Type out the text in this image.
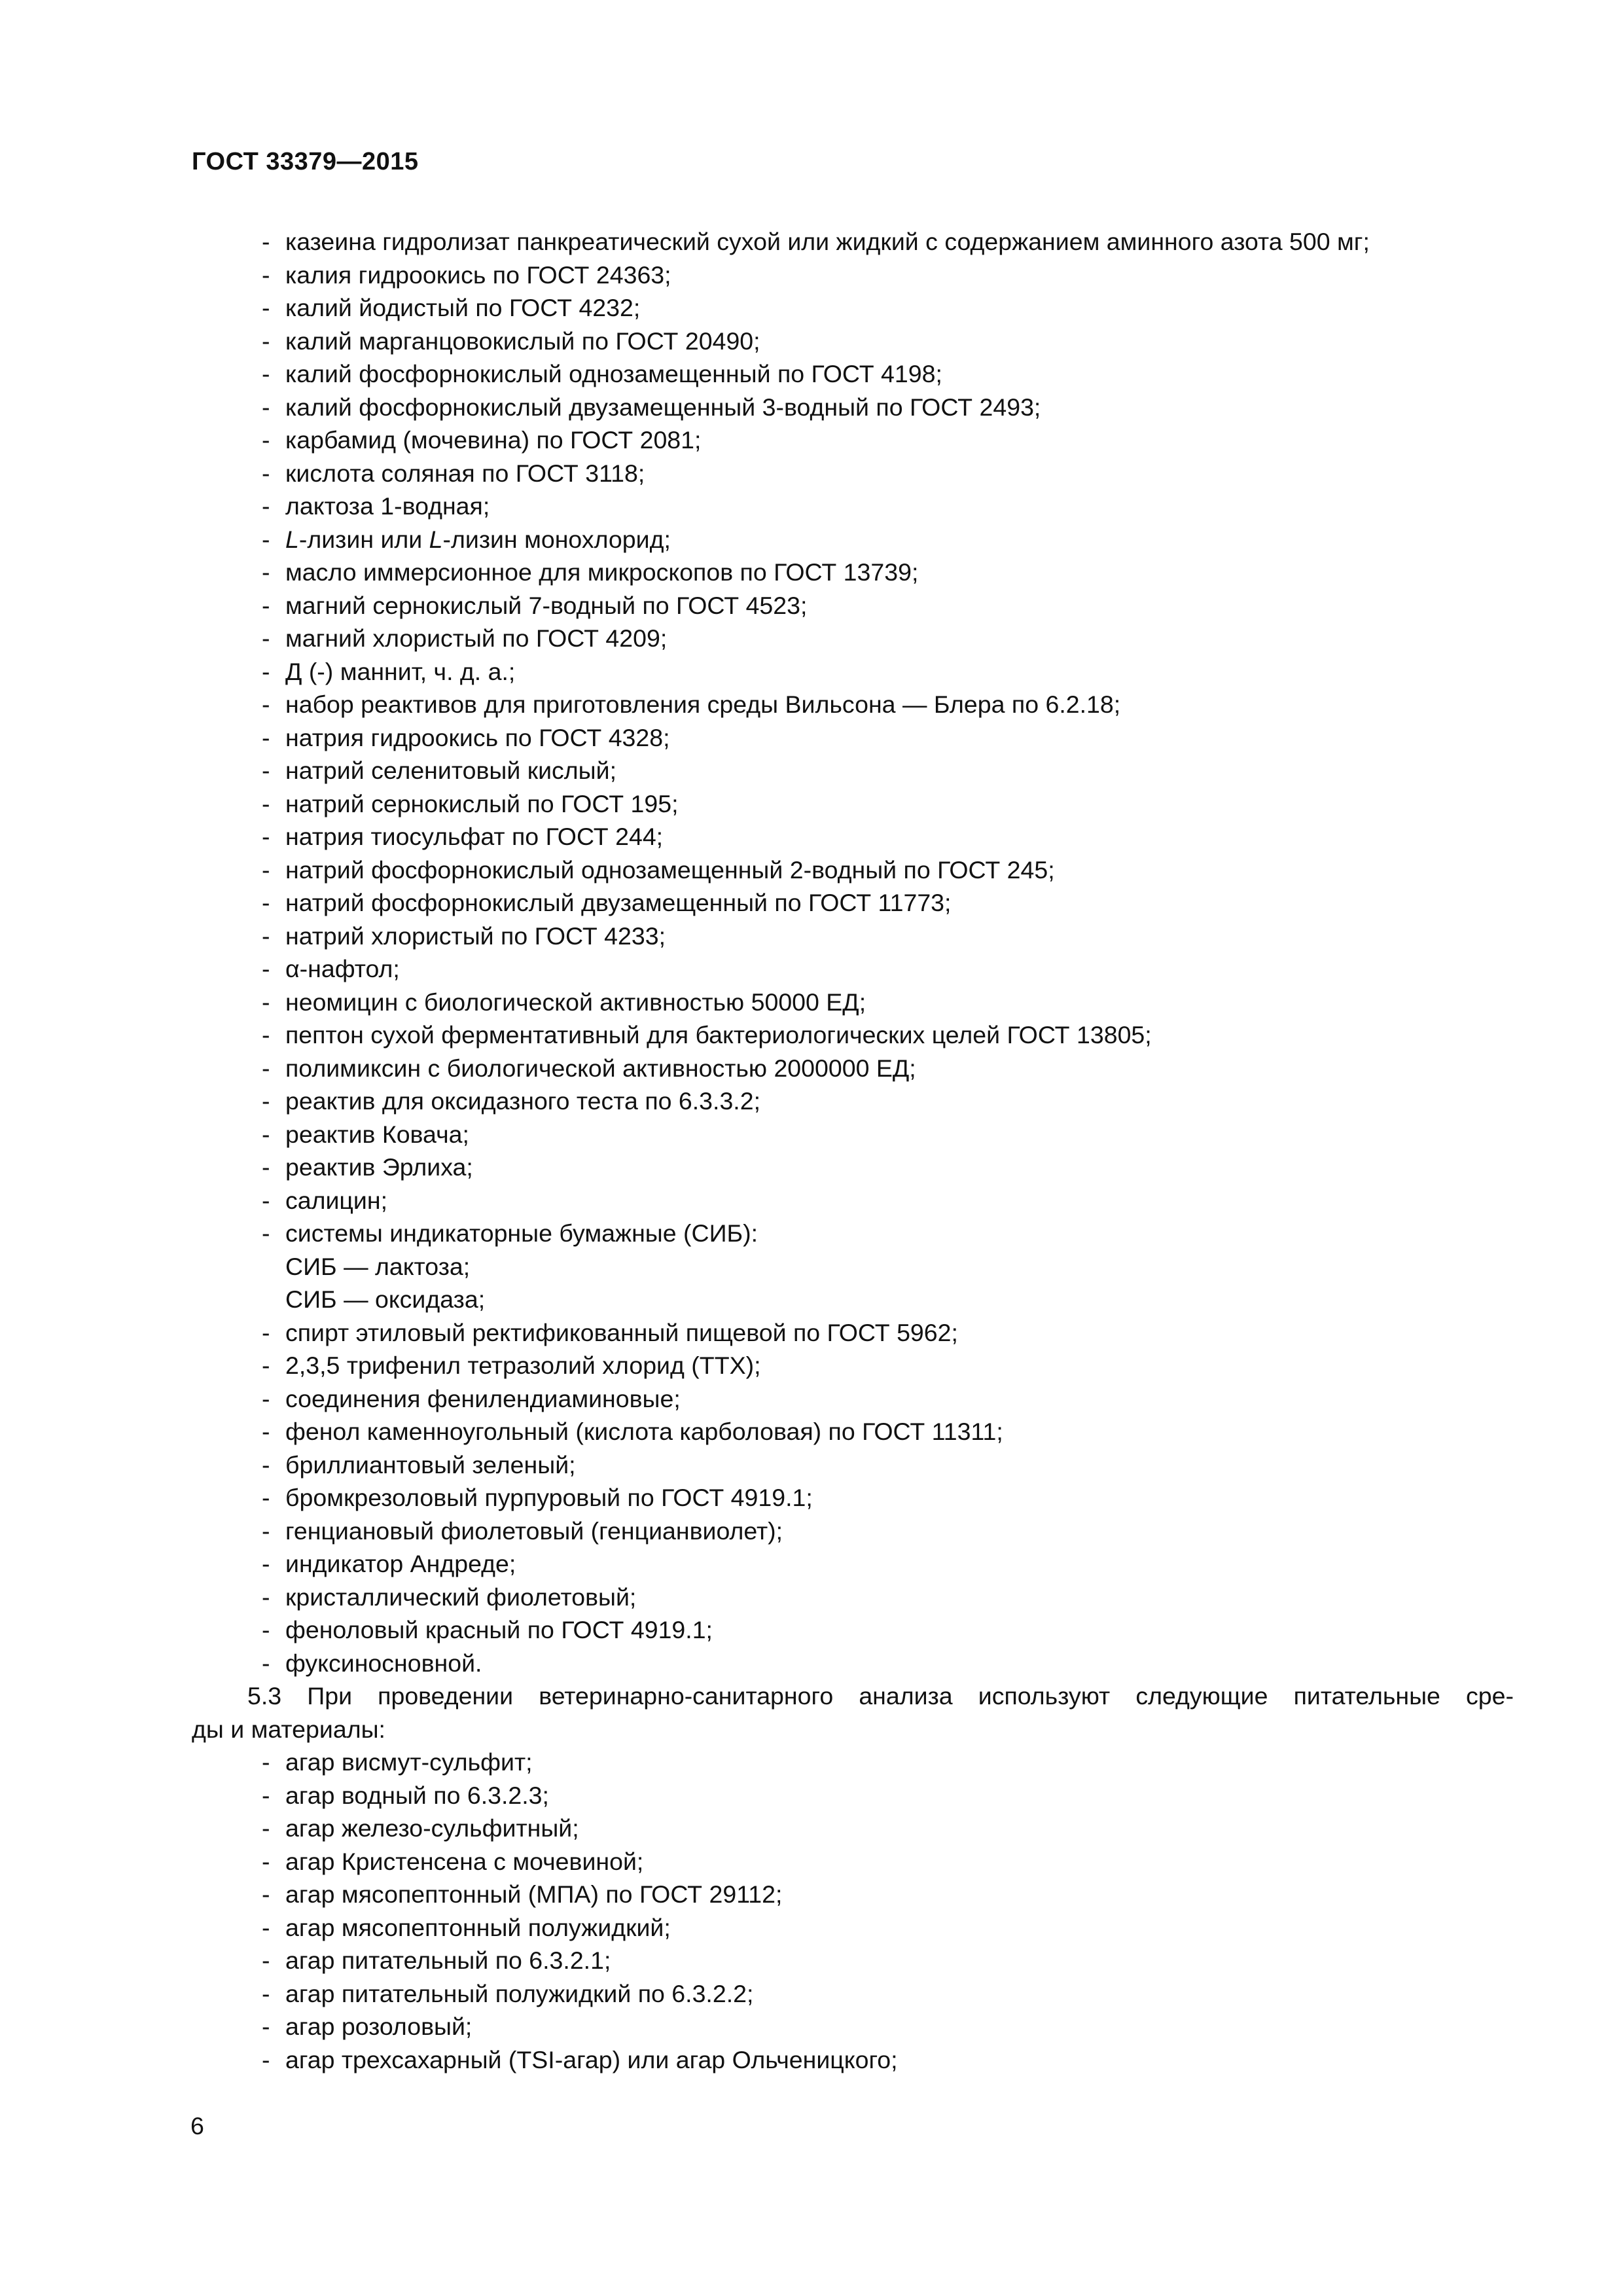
ГОСТ 33379—2015
- казеина гидролизат панкреатический сухой или жидкий с содержанием аминного азота 500 мг;
- калия гидроокись по ГОСТ 24363;
- калий йодистый по ГОСТ 4232;
- калий марганцовокислый по ГОСТ 20490;
- калий фосфорнокислый однозамещенный по ГОСТ 4198;
- калий фосфорнокислый двузамещенный 3-водный по ГОСТ 2493;
- карбамид (мочевина) по ГОСТ 2081;
- кислота соляная по ГОСТ 3118;
- лактоза 1-водная;
- L-лизин или L-лизин монохлорид;
- масло иммерсионное для микроскопов по ГОСТ 13739;
- магний сернокислый 7-водный по ГОСТ 4523;
- магний хлористый по ГОСТ 4209;
- Д (-) маннит, ч. д. а.;
- набор реактивов для приготовления среды Вильсона — Блера по 6.2.18;
- натрия гидроокись по ГОСТ 4328;
- натрий селенитовый кислый;
- натрий сернокислый по ГОСТ 195;
- натрия тиосульфат по ГОСТ 244;
- натрий фосфорнокислый однозамещенный 2-водный по ГОСТ 245;
- натрий фосфорнокислый двузамещенный по ГОСТ 11773;
- натрий хлористый по ГОСТ 4233;
- α-нафтол;
- неомицин с биологической активностью 50000 ЕД;
- пептон сухой ферментативный для бактериологических целей ГОСТ 13805;
- полимиксин с биологической активностью 2000000 ЕД;
- реактив для оксидазного теста по 6.3.3.2;
- реактив Ковача;
- реактив Эрлиха;
- салицин;
- системы индикаторные бумажные (СИБ):
СИБ — лактоза;
СИБ — оксидаза;
- спирт этиловый ректификованный пищевой по ГОСТ 5962;
- 2,3,5 трифенил тетразолий хлорид (ТТХ);
- соединения фенилендиаминовые;
- фенол каменноугольный (кислота карболовая) по ГОСТ 11311;
- бриллиантовый зеленый;
- бромкрезоловый пурпуровый по ГОСТ 4919.1;
- генциановый фиолетовый (генцианвиолет);
- индикатор Андреде;
- кристаллический фиолетовый;
- феноловый красный по ГОСТ 4919.1;
- фуксиносновной.
5.3 При проведении ветеринарно-санитарного анализа используют следующие питательные сре-
ды и материалы:
- агар висмут-сульфит;
- агар водный по 6.3.2.3;
- агар железо-сульфитный;
- агар Кристенсена с мочевиной;
- агар мясопептонный (МПА) по ГОСТ 29112;
- агар мясопептонный полужидкий;
- агар питательный по 6.3.2.1;
- агар питательный полужидкий по 6.3.2.2;
- агар розоловый;
- агар трехсахарный (TSI-агар) или агар Ольченицкого;
6
